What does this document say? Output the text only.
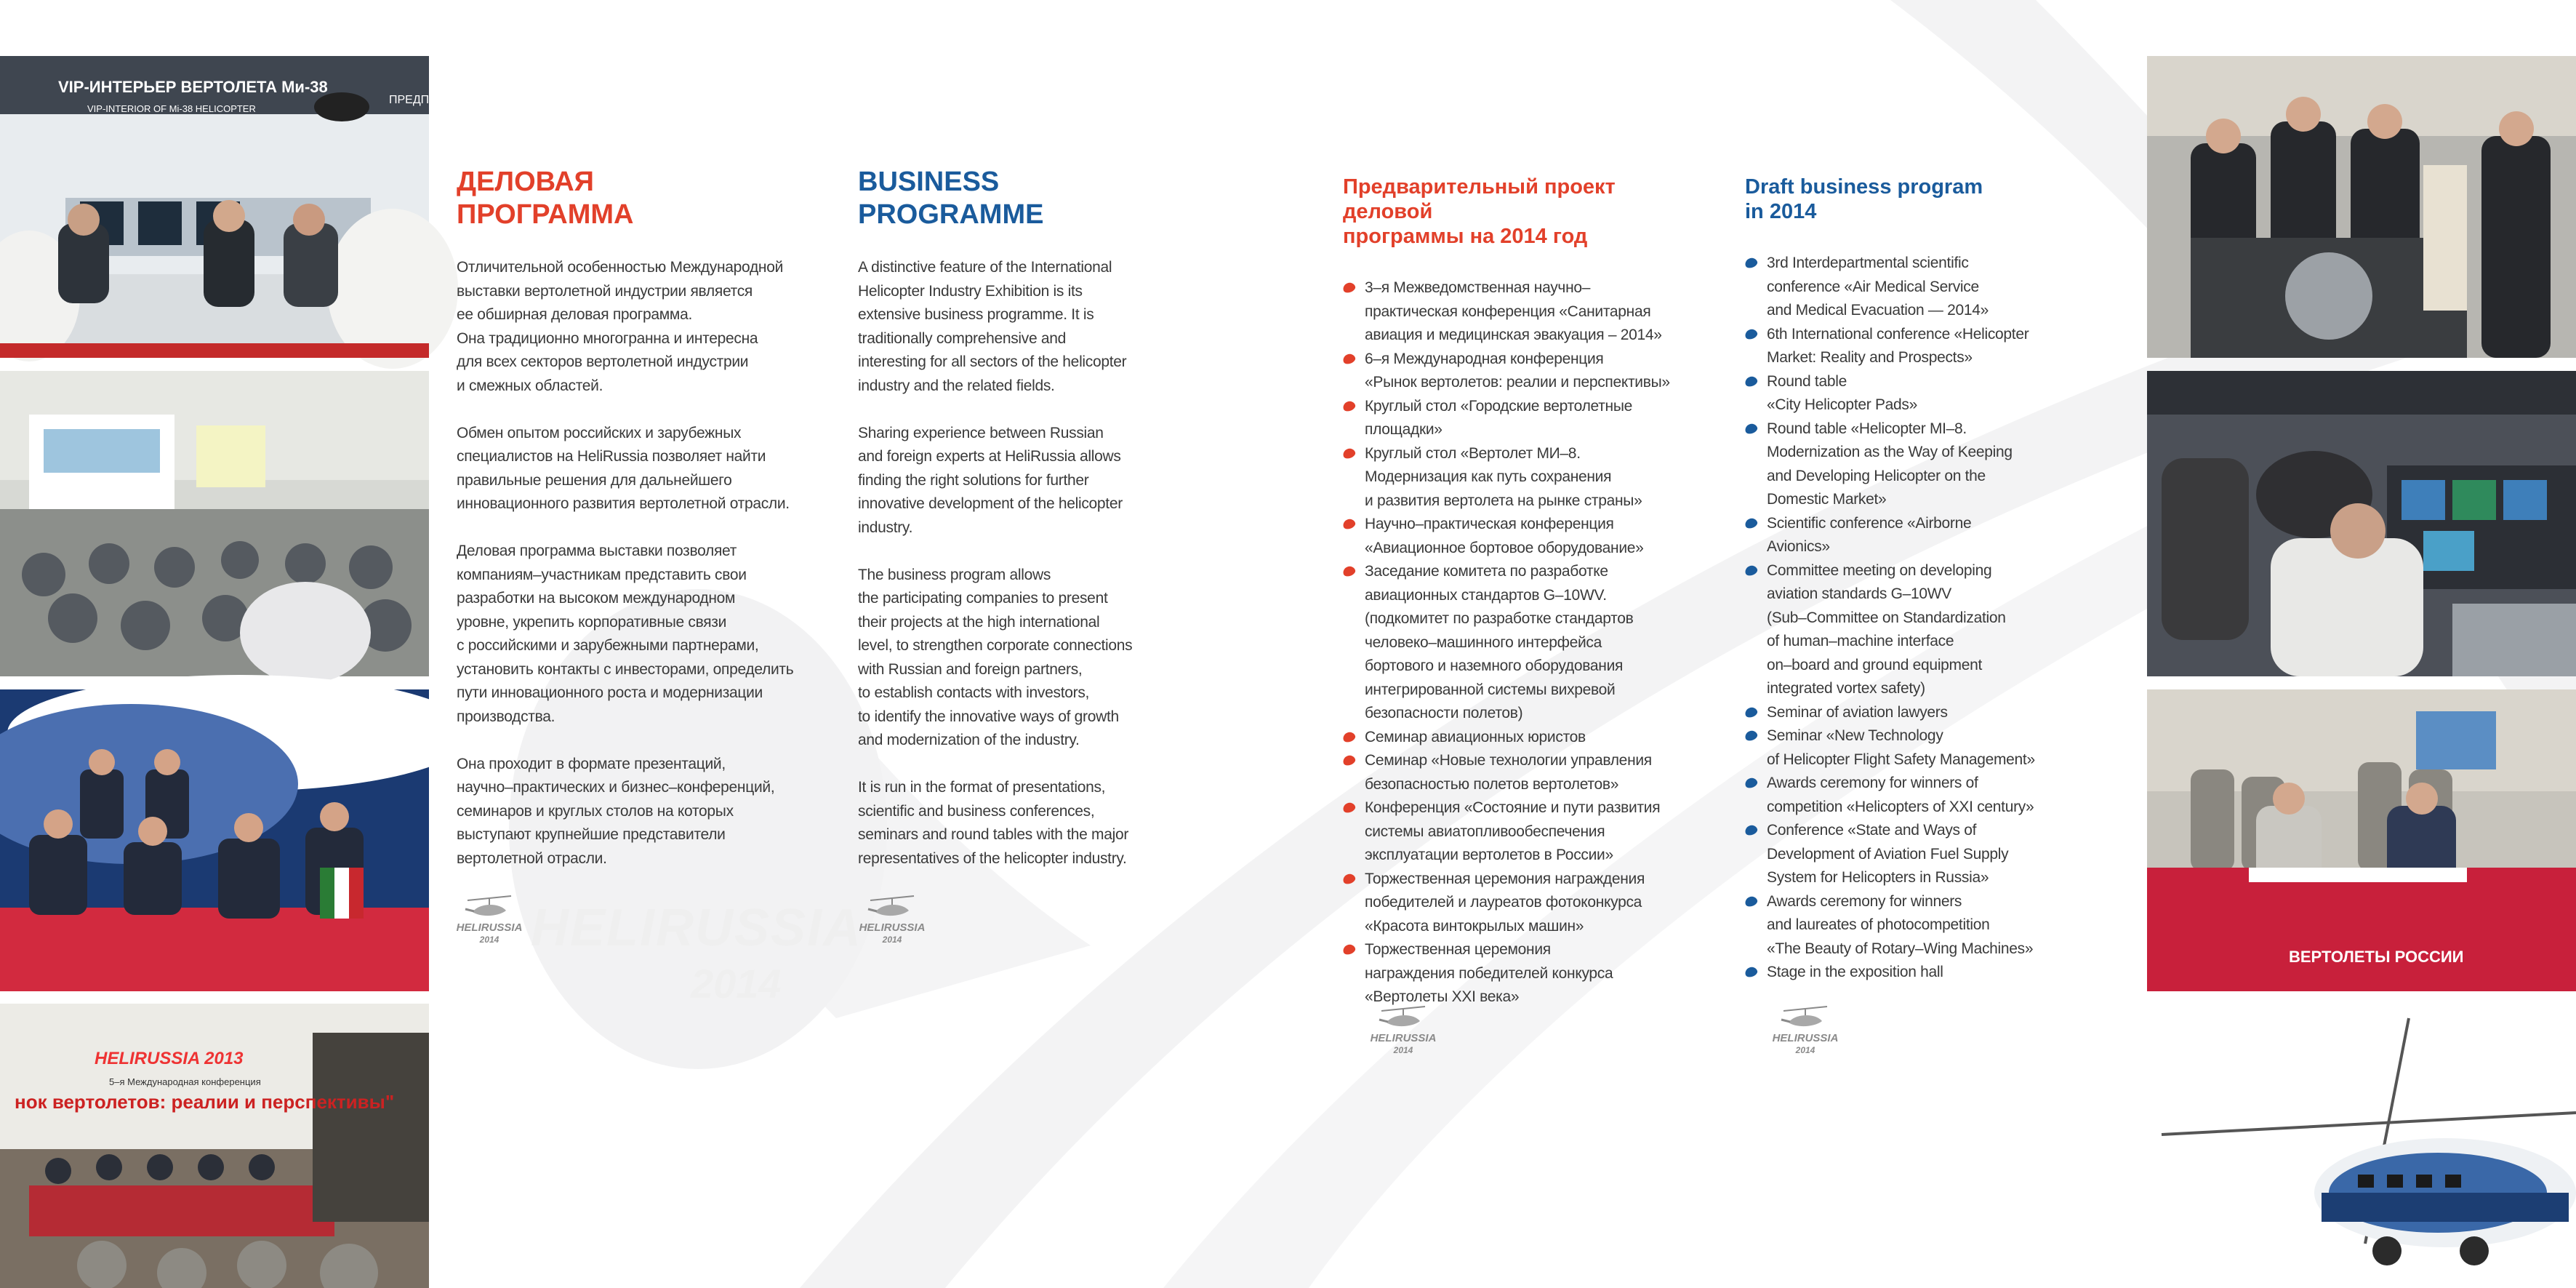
HELIRUSSIA
2014
VIP-ИНТЕРЬЕР ВЕРТОЛЕТА Ми-38
VIP-INTERIOR OF Mi-38 HELICOPTER
ПРЕДПР
HELIRUSSIA 2013
5–я Международная конференция
нок вертолетов: реалии и перспективы"
ВЕРТОЛЕТЫ РОССИИ
ДЕЛОВАЯ
ПРОГРАММА

Отличительной особенностью Международной
выставки вертолетной индустрии является
ее обширная деловая программа.
Она традиционно многогранна и интересна
для всех секторов вертолетной индустрии
и смежных областей.

Обмен опытом российских и зарубежных
специалистов на HeliRussia позволяет найти
правильные решения для дальнейшего
инновационного развития вертолетной отрасли.

Деловая программа выставки позволяет
компаниям–участникам представить свои
разработки на высоком международном
уровне, укрепить корпоративные связи
с российскими и зарубежными партнерами,
установить контакты с инвесторами, определить
пути инновационного роста и модернизации
производства.

Она проходит в формате презентаций,
научно–практических и бизнес–конференций,
семинаров и круглых столов на которых
выступают крупнейшие представители
вертолетной отрасли.

BUSINESS
PROGRAMME

A distinctive feature of the International
Helicopter Industry Exhibition is its
extensive business programme. It is
traditionally comprehensive and
interesting for all sectors of the helicopter
industry and the related fields.

Sharing experience between Russian
and foreign experts at HeliRussia allows
finding the right solutions for further
innovative development of the helicopter
industry.

The business program allows
the participating companies to present
their projects at the high international
level, to strengthen corporate connections
with Russian and foreign partners,
to establish contacts with investors,
to identify the innovative ways of growth
and modernization of the industry.

It is run in the format of presentations,
scientific and business conferences,
seminars and round tables with the major
representatives of the helicopter industry.

Предварительный проект деловой
программы на 2014 год
3–я Межведомственная научно–
практическая конференция «Санитарная
авиация и медицинская эвакуация – 2014»
6–я Международная конференция
«Рынок вертолетов: реалии и перспективы»
Круглый стол «Городские вертолетные
площадки»
Круглый стол «Вертолет МИ–8.
Модернизация как путь сохранения
и развития вертолета на рынке страны»
Научно–практическая конференция
«Авиационное бортовое оборудование»
Заседание комитета по разработке
авиационных стандартов G–10WV.
(подкомитет по разработке стандартов
человеко–машинного интерфейса
бортового и наземного оборудования
интегрированной системы вихревой
безопасности полетов)
Семинар авиационных юристов
Семинар «Новые технологии управления
безопасностью полетов вертолетов»
Конференция «Состояние и пути развития
системы авиатопливообеспечения
эксплуатации вертолетов в России»
Торжественная церемония награждения
победителей и лауреатов фотоконкурса
«Красота винтокрылых машин»
Торжественная церемония
награждения победителей конкурса
«Вертолеты XXI века»
Draft business program
in 2014
3rd Interdepartmental scientific
conference «Air Medical Service
and Medical Evacuation — 2014»
6th International conference «Helicopter
Market: Reality and Prospects»
Round table
«City Helicopter Pads»
Round table «Helicopter MI–8.
Modernization as the Way of Keeping
and Developing Helicopter on the
Domestic Market»
Scientific conference «Airborne
Avionics»
Committee meeting on developing
aviation standards G–10WV
(Sub–Committee on Standardization
of human–machine interface
on–board and ground equipment
integrated vortex safety)
Seminar of aviation lawyers
Seminar «New Technology
of Helicopter Flight Safety Management»
Awards ceremony for winners of
competition «Helicopters of XXI century»
Conference «State and Ways of
Development of Aviation Fuel Supply
System for Helicopters in Russia»
Awards ceremony for winners
and laureates of photocompetition
«The Beauty of Rotary–Wing Machines»
Stage in the exposition hall
HELIRUSSIA
2014
HELIRUSSIA
2014
HELIRUSSIA
2014
HELIRUSSIA
2014
